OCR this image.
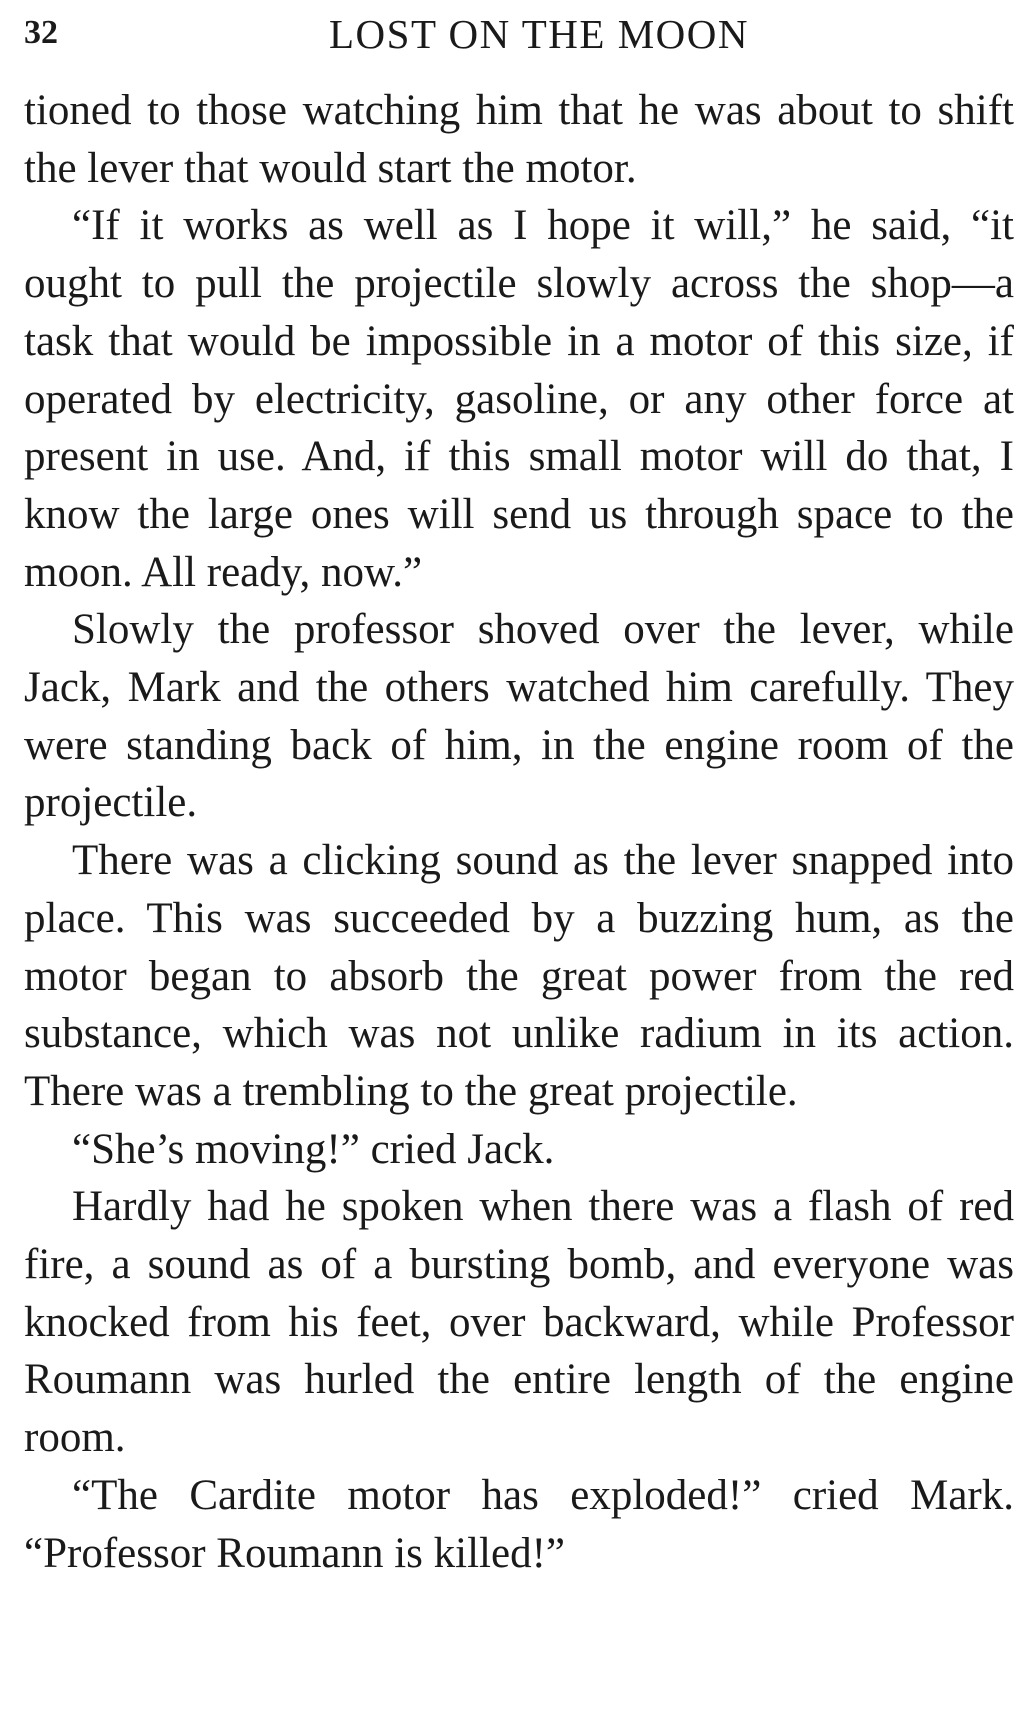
32	LOST ON THE MOON

tioned to those watching him that he was about to shift the lever that would start the motor.

“If it works as well as I hope it will,” he said, “it ought to pull the projectile slowly across the shop—a task that would be impossible in a motor of this size, if operated by electricity, gasoline, or any other force at present in use. And, if this small motor will do that, I know the large ones will send us through space to the moon. All ready, now.”

Slowly the professor shoved over the lever, while Jack, Mark and the others watched him carefully. They were standing back of him, in the engine room of the projectile.

There was a clicking sound as the lever snapped into place. This was succeeded by a buzzing hum, as the motor began to absorb the great power from the red substance, which was not unlike radium in its action. There was a trembling to the great projectile.

“She’s moving!” cried Jack.

Hardly had he spoken when there was a flash of red fire, a sound as of a bursting bomb, and everyone was knocked from his feet, over backward, while Professor Roumann was hurled the entire length of the engine room.

“The Cardite motor has exploded!” cried Mark. “Professor Roumann is killed!”
